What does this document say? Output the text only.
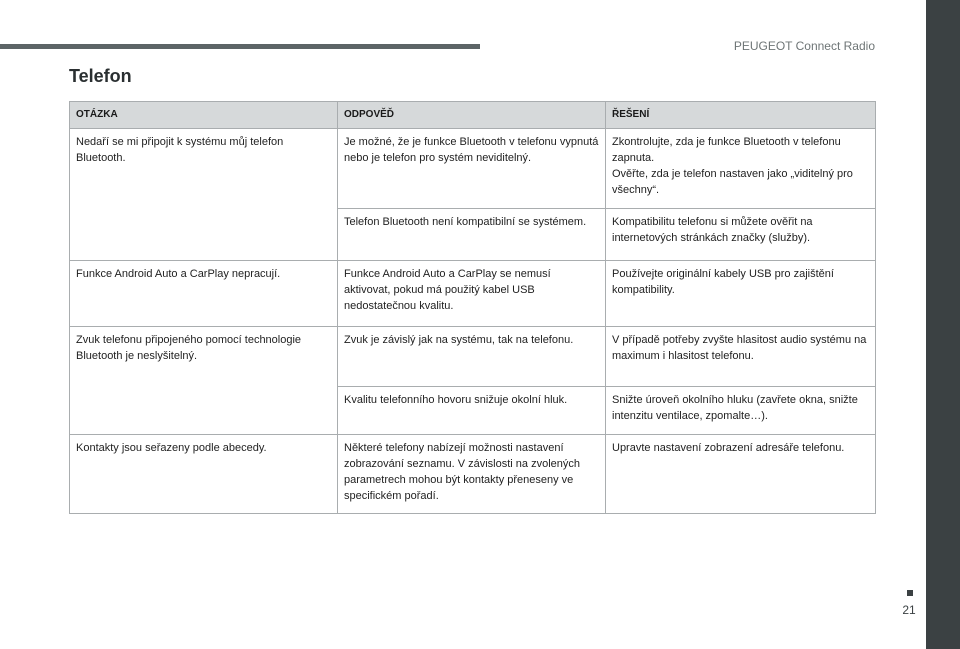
PEUGEOT Connect Radio
21
Telefon
OTÁZKA	ODPOVĚĎ	ŘEŠENÍ
Nedaří se mi připojit k systému můj telefon Bluetooth.	Je možné, že je funkce Bluetooth v telefonu vypnutá nebo je telefon pro systém neviditelný.	Zkontrolujte, zda je funkce Bluetooth v telefonu zapnuta.
Ověřte, zda je telefon nastaven jako „viditelný pro všechny“.
	Telefon Bluetooth není kompatibilní se systémem.	Kompatibilitu telefonu si můžete ověřit na internetových stránkách značky (služby).
Funkce Android Auto a CarPlay nepracují.	Funkce Android Auto a CarPlay se nemusí aktivovat, pokud má použitý kabel USB nedostatečnou kvalitu.	Používejte originální kabely USB pro zajištění kompatibility.
Zvuk telefonu připojeného pomocí technologie Bluetooth je neslyšitelný.	Zvuk je závislý jak na systému, tak na telefonu.	V případě potřeby zvyšte hlasitost audio systému na maximum i hlasitost telefonu.
	Kvalitu telefonního hovoru snižuje okolní hluk.	Snižte úroveň okolního hluku (zavřete okna, snižte intenzitu ventilace, zpomalte…).
Kontakty jsou seřazeny podle abecedy.	Některé telefony nabízejí možnosti nastavení zobrazování seznamu. V závislosti na zvolených parametrech mohou být kontakty přeneseny ve specifickém pořadí.	Upravte nastavení zobrazení adresáře telefonu.
